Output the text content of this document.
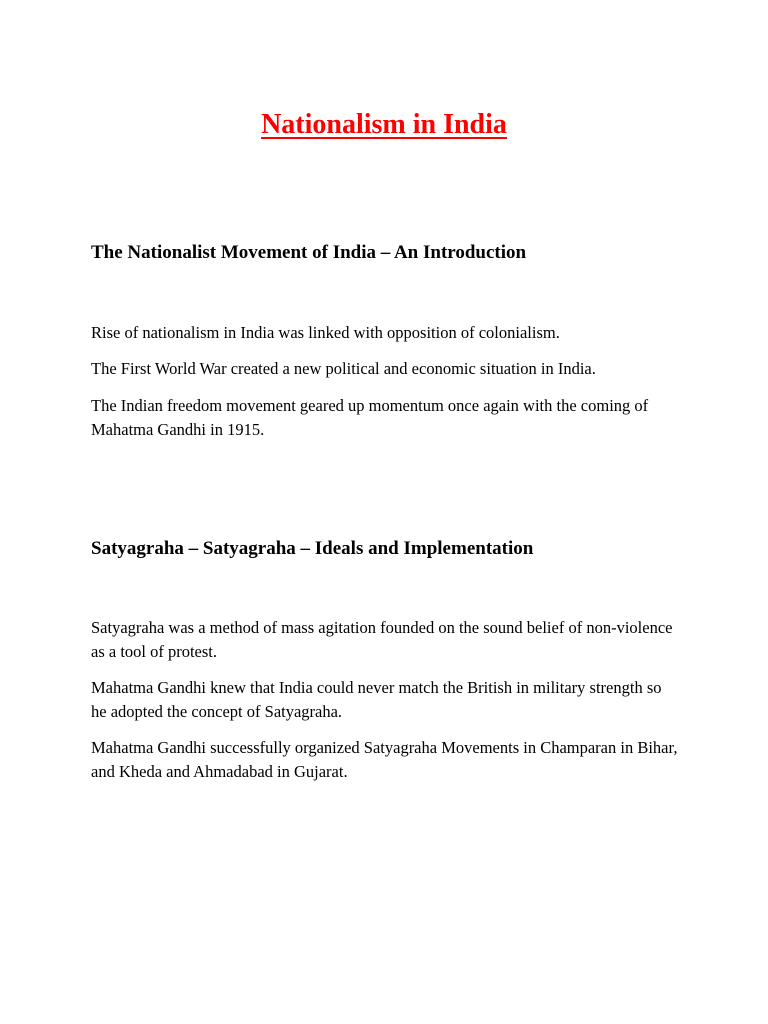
Nationalism in India
The Nationalist Movement of India – An Introduction

Rise of nationalism in India was linked with opposition of colonialism.

The First World War created a new political and economic situation in India.

The Indian freedom movement geared up momentum once again with the coming of Mahatma Gandhi in 1915.

Satyagraha – Satyagraha – Ideals and Implementation

Satyagraha was a method of mass agitation founded on the sound belief of non-violence as a tool of protest.

Mahatma Gandhi knew that India could never match the British in military strength so he adopted the concept of Satyagraha.

Mahatma Gandhi successfully organized Satyagraha Movements in Champaran in Bihar, and Kheda and Ahmadabad in Gujarat.
